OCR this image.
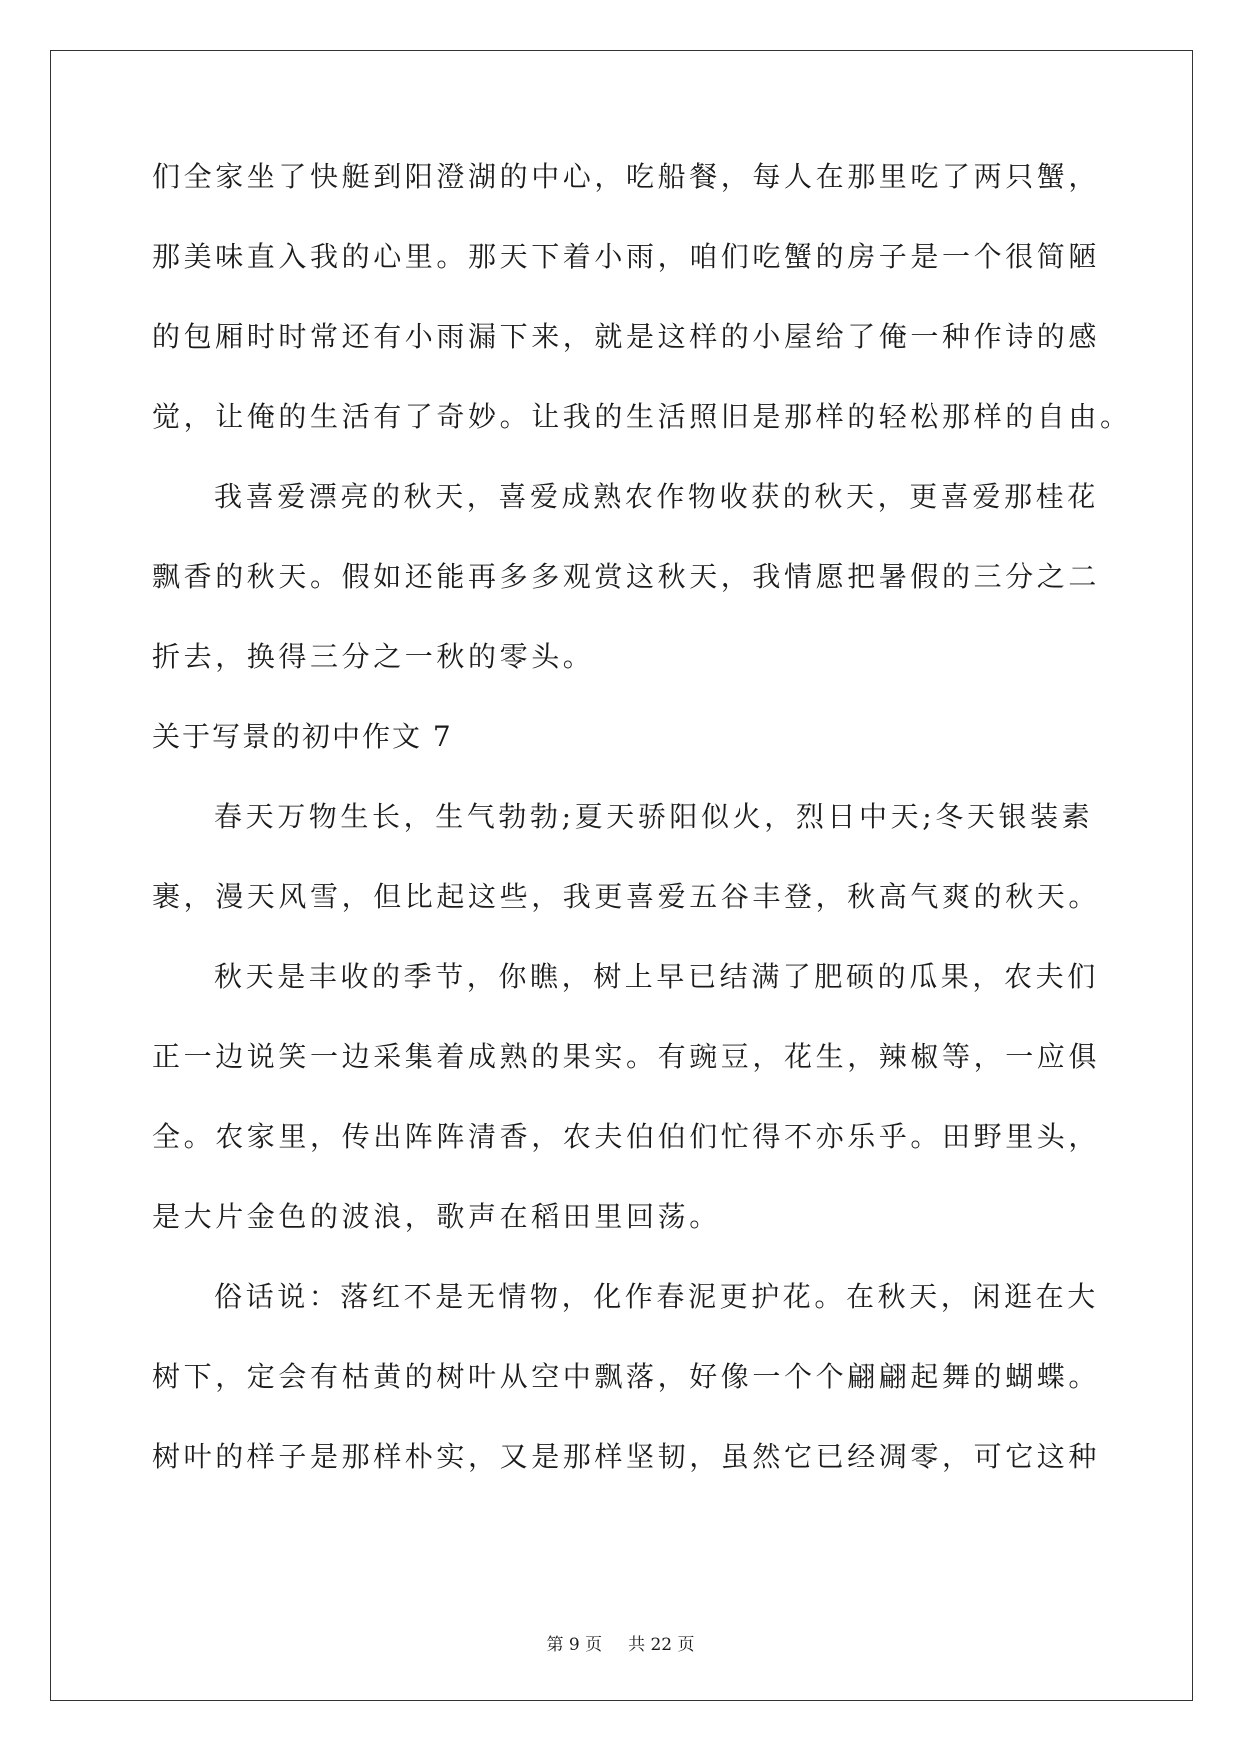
们全家坐了快艇到阳澄湖的中心，吃船餐，每人在那里吃了两只蟹，
那美味直入我的心里。那天下着小雨，咱们吃蟹的房子是一个很简陋
的包厢时时常还有小雨漏下来，就是这样的小屋给了俺一种作诗的感
觉，让俺的生活有了奇妙。让我的生活照旧是那样的轻松那样的自由。
我喜爱漂亮的秋天，喜爱成熟农作物收获的秋天，更喜爱那桂花
飘香的秋天。假如还能再多多观赏这秋天，我情愿把暑假的三分之二
折去，换得三分之一秋的零头。
关于写景的初中作文 7
春天万物生长，生气勃勃;夏天骄阳似火，烈日中天;冬天银装素
裹，漫天风雪，但比起这些，我更喜爱五谷丰登，秋高气爽的秋天。
秋天是丰收的季节，你瞧，树上早已结满了肥硕的瓜果，农夫们
正一边说笑一边采集着成熟的果实。有豌豆，花生，辣椒等，一应俱
全。农家里，传出阵阵清香，农夫伯伯们忙得不亦乐乎。田野里头，
是大片金色的波浪，歌声在稻田里回荡。
俗话说：落红不是无情物，化作春泥更护花。在秋天，闲逛在大
树下，定会有枯黄的树叶从空中飘落，好像一个个翩翩起舞的蝴蝶。
树叶的样子是那样朴实，又是那样坚韧，虽然它已经凋零，可它这种
第 9 页 共 22 页
